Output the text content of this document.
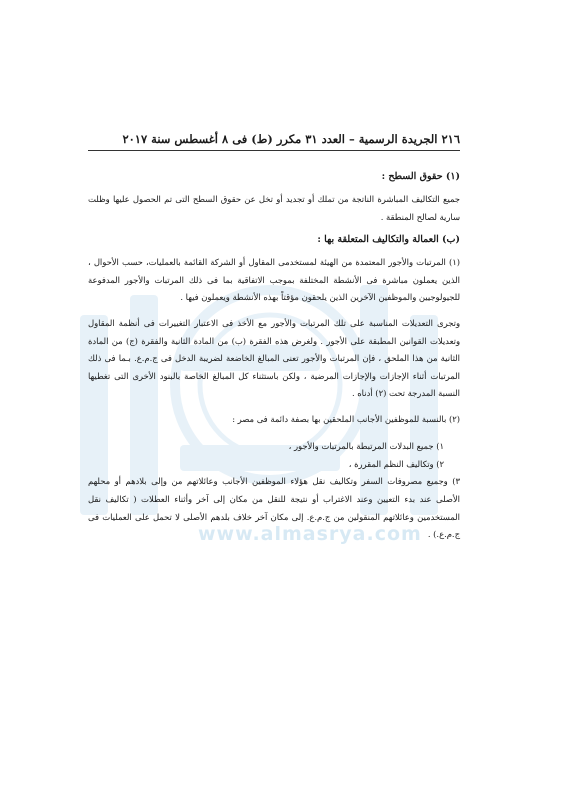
www.almasrya.com
٢١٦ الجريدة الرسمية – العدد ٣١ مكرر (ط) فى ٨ أغسطس سنة ٢٠١٧
(١) حقوق السطح :

جميع التكاليف المباشرة الناتجة من تملك أو تجديد أو تخل عن حقوق السطح التى تم الحصول عليها وظلت سارية لصالح المنطقة .

(ب) العمالة والتكاليف المتعلقة بها :

(١) المرتبات والأجور المعتمدة من الهيئة لمستخدمى المقاول أو الشركة القائمة بالعمليات، حسب الأحوال ، الذين يعملون مباشرة فى الأنشطة المختلفة بموجب الاتفاقية بما فى ذلك المرتبات والأجور المدفوعة للجيولوجيين والموظفين الآخرين الذين يلحقون مؤقتاً بهذه الأنشطة ويعملون فيها .

وتجرى التعديلات المناسبة على تلك المرتبات والأجور مع الأخذ فى الاعتبار التغييرات فى أنظمة المقاول وتعديلات القوانين المطبقة على الأجور . ولغرض هذه الفقرة (ب) من المادة الثانية والفقرة (ج) من المادة الثانية من هذا الملحق ، فإن المرتبات والأجور تعنى المبالغ الخاضعة لضريبة الدخل فى ج.م.ع. بـما فى ذلك المرتبات أثناء الإجازات والإجازات المرضية ، ولكن باستثناء كل المبالغ الخاصة بالبنود الأخرى التى تغطيها النسبة المدرجة تحت (٢) أدناه .

(٢) بالنسبة للموظفين الأجانب الملحقين بها بصفة دائمة فى مصر :

١) جميع البدلات المرتبطة بالمرتبات والأجور ،
٢) وتكاليف النظم المقررة ،

٣) وجميع مصروفات السفر وتكاليف نقل هؤلاء الموظفين الأجانب وعائلاتهم من وإلى بلادهم أو محلهم الأصلى عند بدء التعيين وعند الاغتراب أو نتيجة للنقل من مكان إلى آخر وأثناء العطلات ( تكاليف نقل المستخدمين وعائلاتهم المنقولين من ج.م.ع. إلى مكان آخر خلاف بلدهم الأصلى لا تحمل على العمليات فى ج.م.ع.) .
